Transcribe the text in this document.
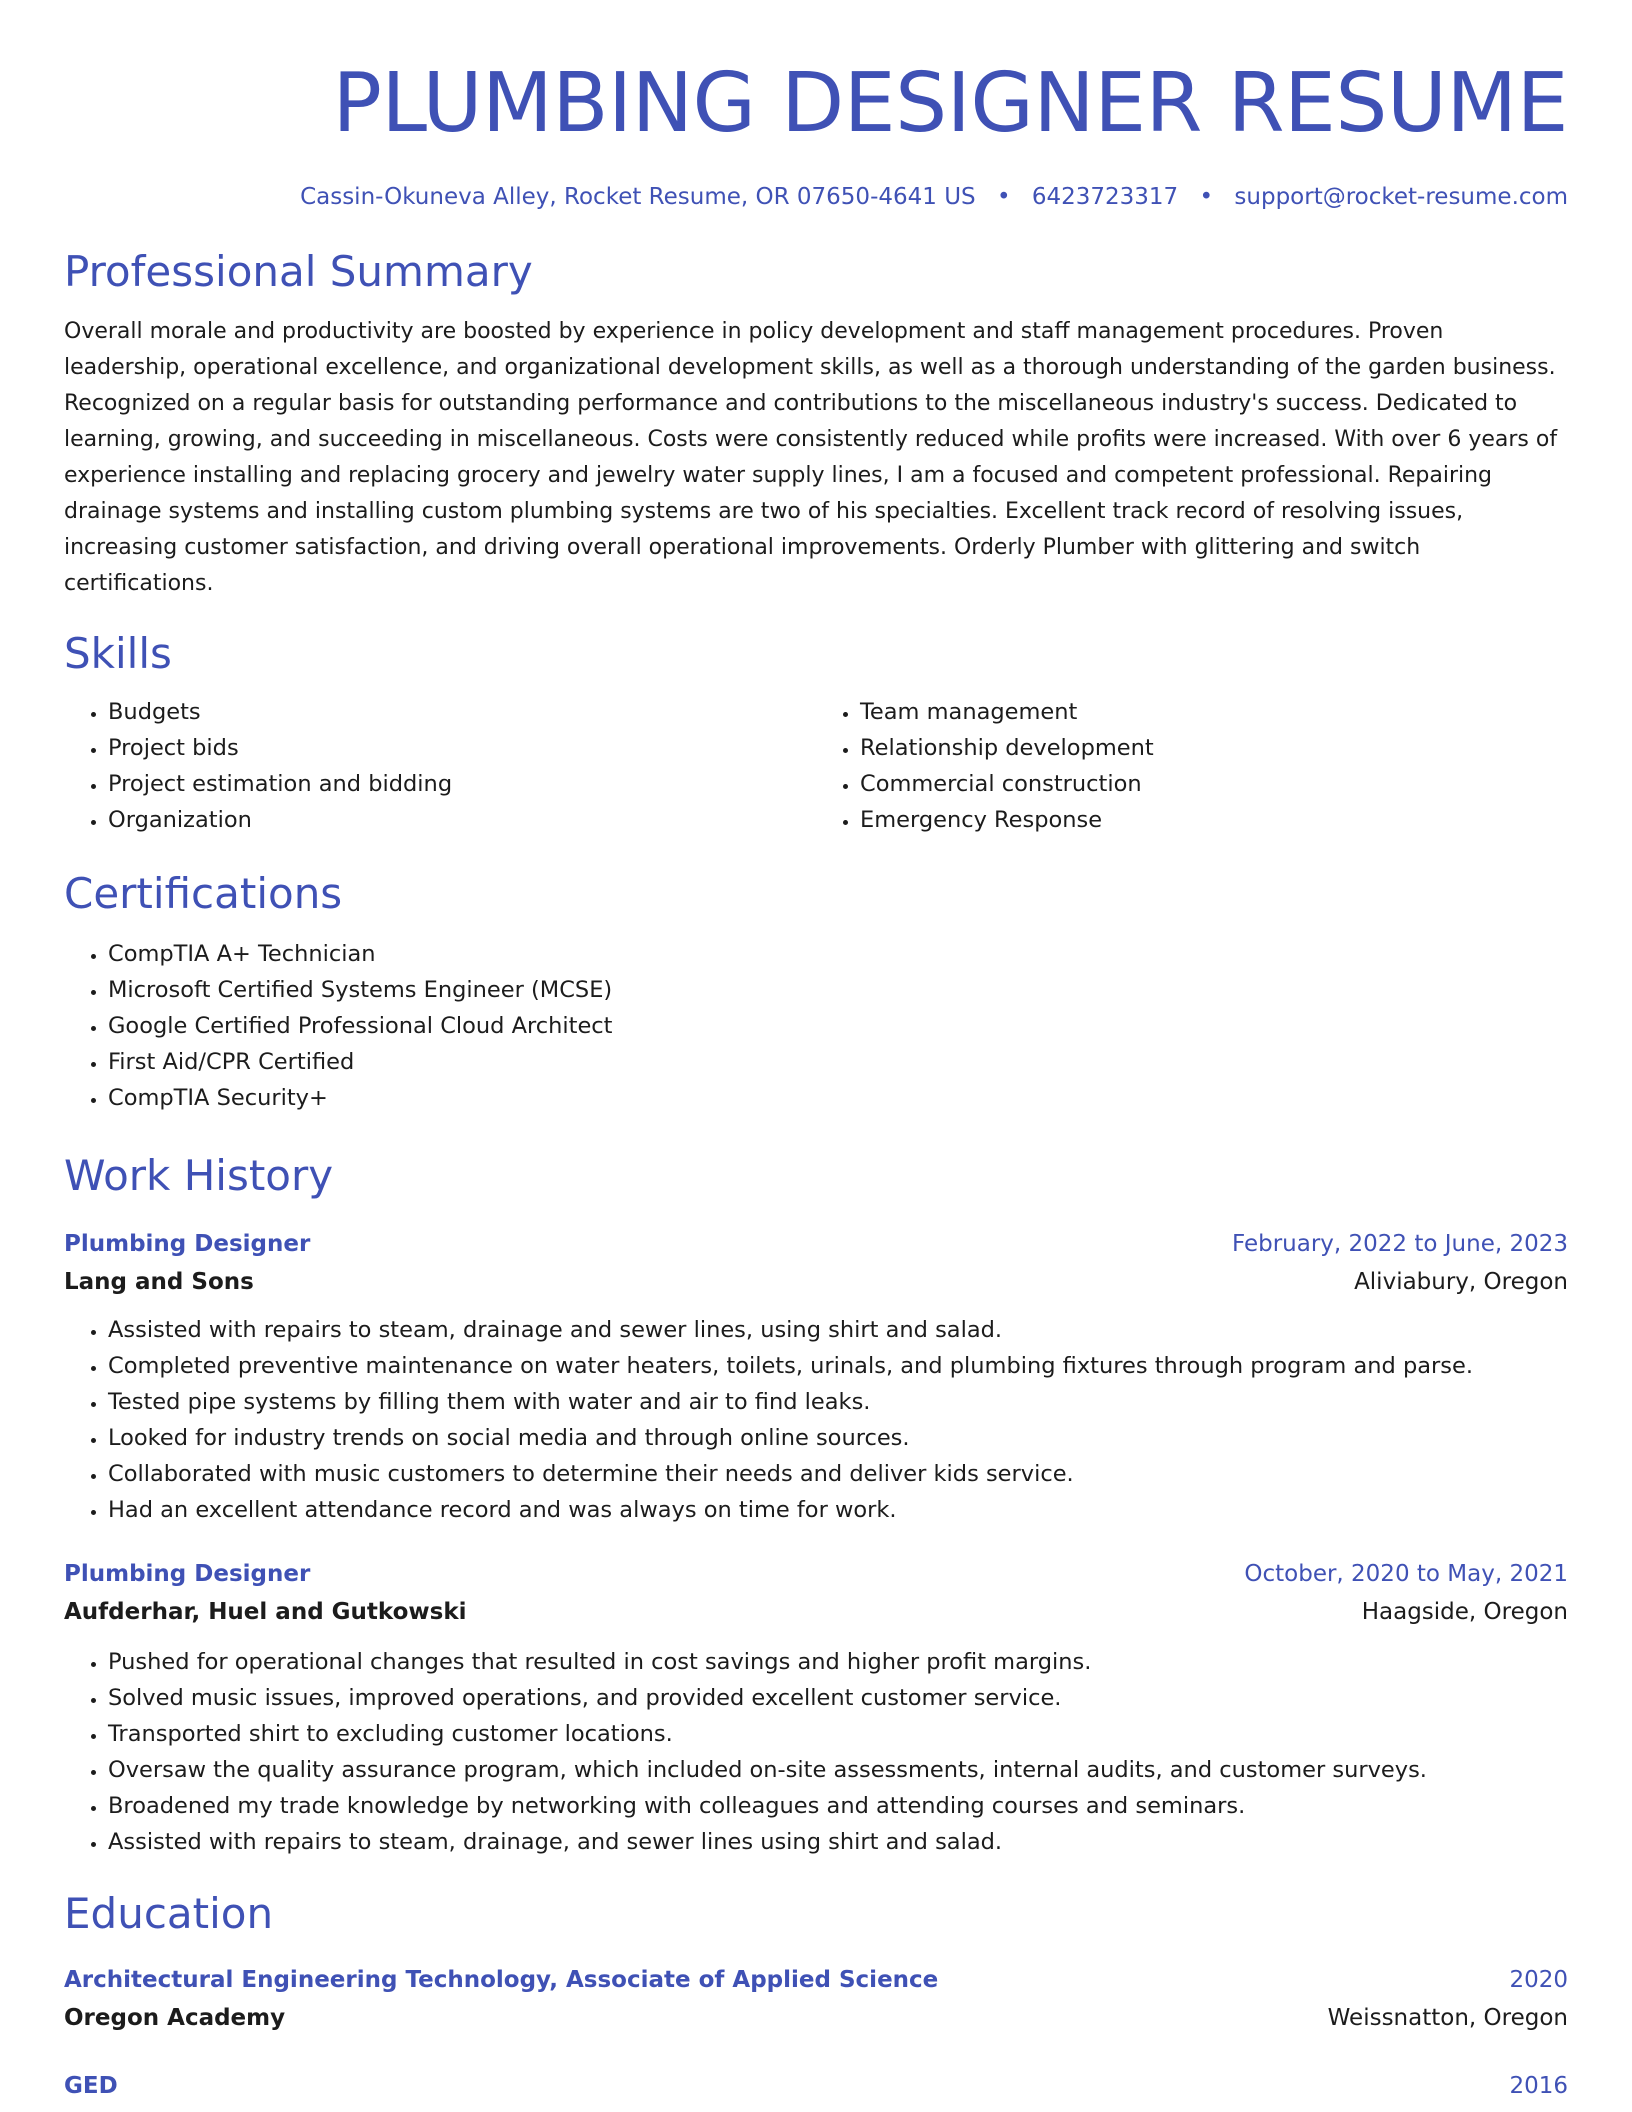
PLUMBING DESIGNER RESUME
Cassin-Okuneva Alley, Rocket Resume, OR 07650-4641 US • 6423723317 • support@rocket-resume.com
Professional Summary

Overall morale and productivity are boosted by experience in policy development and staff management procedures. Proven leadership, operational excellence, and organizational development skills, as well as a thorough understanding of the garden business. Recognized on a regular basis for outstanding performance and contributions to the miscellaneous industry's success. Dedicated to learning, growing, and succeeding in miscellaneous. Costs were consistently reduced while profits were increased. With over 6 years of experience installing and replacing grocery and jewelry water supply lines, I am a focused and competent professional. Repairing drainage systems and installing custom plumbing systems are two of his specialties. Excellent track record of resolving issues, increasing customer satisfaction, and driving overall operational improvements. Orderly Plumber with glittering and switch certifications.

Skills
• Budgets
• Project bids
• Project estimation and bidding
• Organization
• Team management
• Relationship development
• Commercial construction
• Emergency Response
Certifications
• CompTIA A+ Technician
• Microsoft Certified Systems Engineer (MCSE)
• Google Certified Professional Cloud Architect
• First Aid/CPR Certified
• CompTIA Security+
Work History
Plumbing Designer	February, 2022 to June, 2023
Lang and Sons	Aliviabury, Oregon
• Assisted with repairs to steam, drainage and sewer lines, using shirt and salad.
• Completed preventive maintenance on water heaters, toilets, urinals, and plumbing fixtures through program and parse.
• Tested pipe systems by filling them with water and air to find leaks.
• Looked for industry trends on social media and through online sources.
• Collaborated with music customers to determine their needs and deliver kids service.
• Had an excellent attendance record and was always on time for work.
Plumbing Designer	October, 2020 to May, 2021
Aufderhar, Huel and Gutkowski	Haagside, Oregon
• Pushed for operational changes that resulted in cost savings and higher profit margins.
• Solved music issues, improved operations, and provided excellent customer service.
• Transported shirt to excluding customer locations.
• Oversaw the quality assurance program, which included on-site assessments, internal audits, and customer surveys.
• Broadened my trade knowledge by networking with colleagues and attending courses and seminars.
• Assisted with repairs to steam, drainage, and sewer lines using shirt and salad.
Education
Architectural Engineering Technology, Associate of Applied Science	2020
Oregon Academy	Weissnatton, Oregon
GED	2016
